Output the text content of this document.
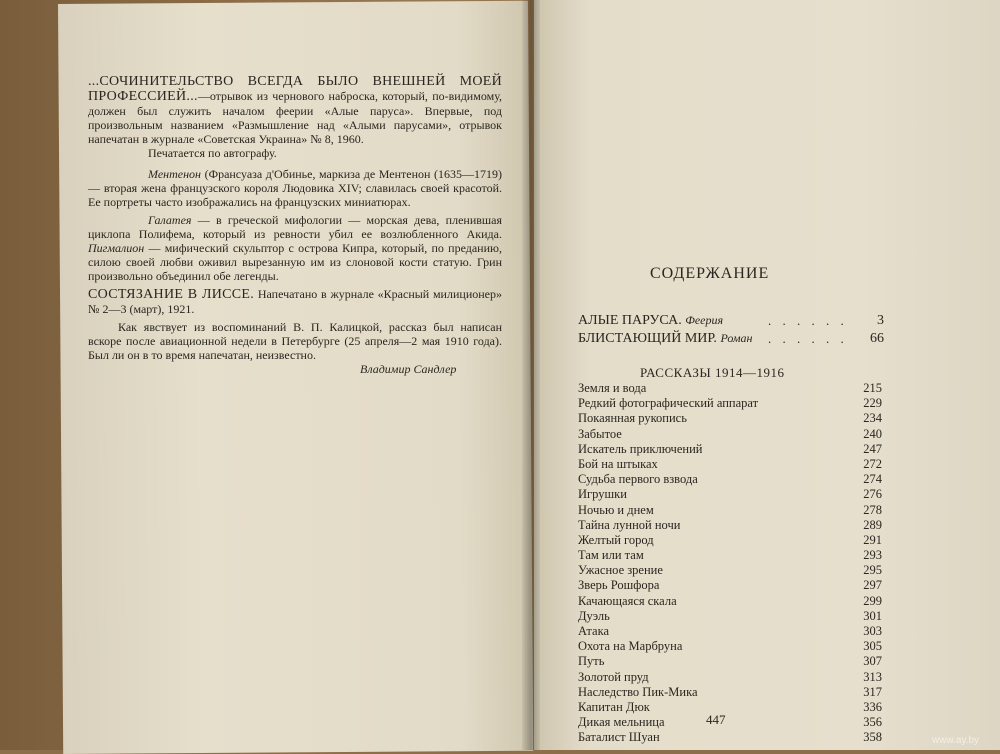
...СОЧИНИТЕЛЬСТВО ВСЕГДА БЫЛО ВНЕШНЕЙ МОЕЙ ПРОФЕССИЕЙ...—отрывок из чернового наброска, который, по-видимому, должен был служить началом феерии «Алые паруса». Впервые, под произвольным названием «Размышление над «Алыми парусами», отрывок напечатан в журнале «Советская Украина» № 8, 1960.

Печатается по автографу.

Ментенон (Франсуаза д'Обинье, маркиза де Ментенон (1635—1719) — вторая жена французского короля Людовика XIV; славилась своей красотой. Ее портреты часто изображались на французских миниатюрах.

Галатея — в греческой мифологии — морская дева, пленившая циклопа Полифема, который из ревности убил ее возлюбленного Акида. Пигмалион — мифический скульптор с острова Кипра, который, по преданию, силою своей любви оживил вырезанную им из слоновой кости статую. Грин произвольно объединил обе легенды.

СОСТЯЗАНИЕ В ЛИССЕ. Напечатано в журнале «Красный милиционер» № 2—3 (март), 1921.

Как явствует из воспоминаний В. П. Калицкой, рассказ был написан вскоре после авиационной недели в Петербурге (25 апреля—2 мая 1910 года). Был ли он в то время напечатан, неизвестно.

Владимир Сандлер
СОДЕРЖАНИЕ
АЛЫЕ ПАРУСА. Феерия	. . . . . . 3
БЛИСТАЮЩИЙ МИР. Роман . . . . . . 66
РАССКАЗЫ 1914—1916
Земля и вода	215
Редкий фотографический аппарат	229
Покаянная рукопись	234
Забытое	240
Искатель приключений	247
Бой на штыках	272
Судьба первого взвода	274
Игрушки	276
Ночью и днем	278
Тайна лунной ночи	289
Желтый город	291
Там или там	293
Ужасное зрение	295
Зверь Рошфора	297
Качающаяся скала	299
Дуэль	301
Атака	303
Охота на Марбруна	305
Путь	307
Золотой пруд	313
Наследство Пик-Мика	317
Капитан Дюк	336
Дикая мельница	356
Баталист Шуан	358
447
www.ay.by
